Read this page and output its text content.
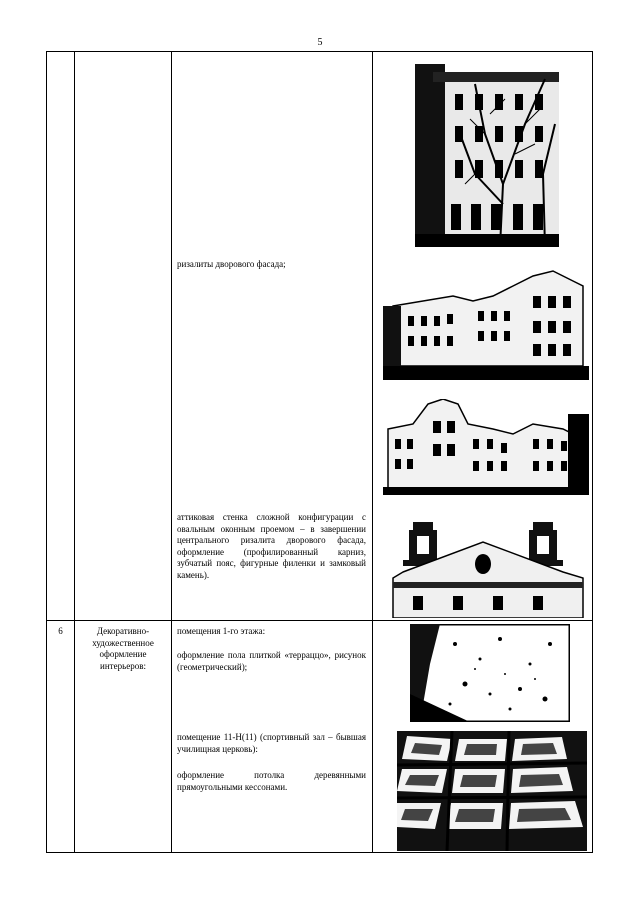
5
ризалиты дворового фасада;
аттиковая стенка сложной конфигурации с овальным оконным проемом – в завершении центрального ризалита дворового фасада, оформление (профилированный карниз, зубчатый пояс, фигурные филенки и замковый камень).
6	Декоративно-художественное оформление интерьеров:
помещения 1-го этажа:
оформление пола плиткой «терраццо», рисунок (геометрический);
помещение 11-Н(11) (спортивный зал – бывшая училищная церковь):
оформление потолка деревянными прямоугольными кессонами.
